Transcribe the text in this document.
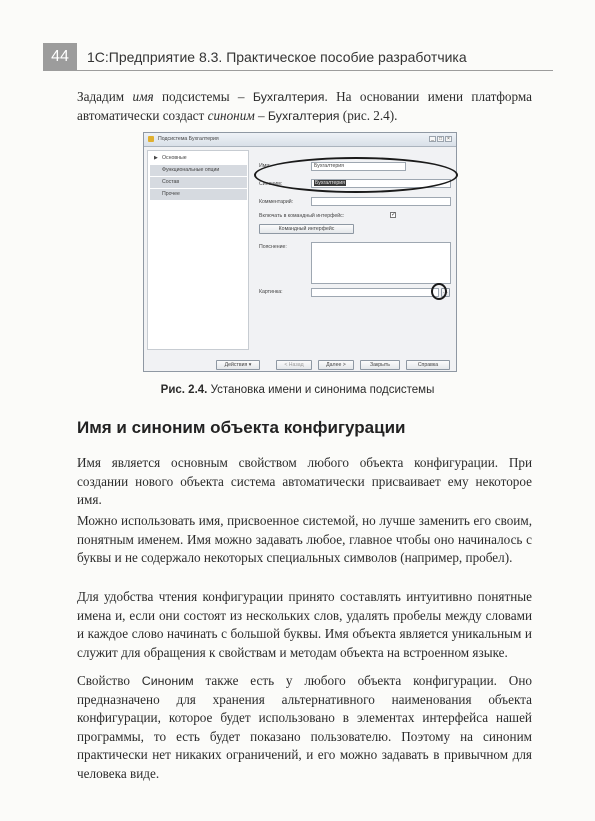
44	1С:Предприятие 8.3. Практическое пособие разработчика
Зададим имя подсистемы – Бухгалтерия. На основании имени платформа автоматически создаст синоним – Бухгалтерия (рис. 2.4).
Подсистема Бухгалтерия	_	□	×
▶ Основные
Функциональные опции
Состав
Прочее
Имя:	Бухгалтерия
Синоним:	Бухгалтерия
Комментарий:
Включать в командный интерфейс:	✓
Командный интерфейс
Пояснение:
Картинка:	…
Действия ▾	< Назад	Далее >	Закрыть	Справка
Рис. 2.4. Установка имени и синонима подсистемы
Имя и синоним объекта конфигурации
Имя является основным свойством любого объекта конфигурации. При создании нового объекта система автоматически присваивает ему некоторое имя.
Можно использовать имя, присвоенное системой, но лучше заменить его своим, понятным именем. Имя можно задавать любое, главное чтобы оно начиналось с буквы и не содержало некоторых специальных символов (например, пробел).
Для удобства чтения конфигурации принято составлять интуитивно понятные имена и, если они состоят из нескольких слов, удалять пробелы между словами и каждое слово начинать с большой буквы. Имя объекта является уникальным и служит для обращения к свойствам и методам объекта на встроенном языке.
Свойство Синоним также есть у любого объекта конфигурации. Оно предназначено для хранения альтернативного наименования объекта конфигурации, которое будет использовано в элементах интерфейса нашей программы, то есть будет показано пользователю. Поэтому на синоним практически нет никаких ограничений, и его можно задавать в привычном для человека виде.
